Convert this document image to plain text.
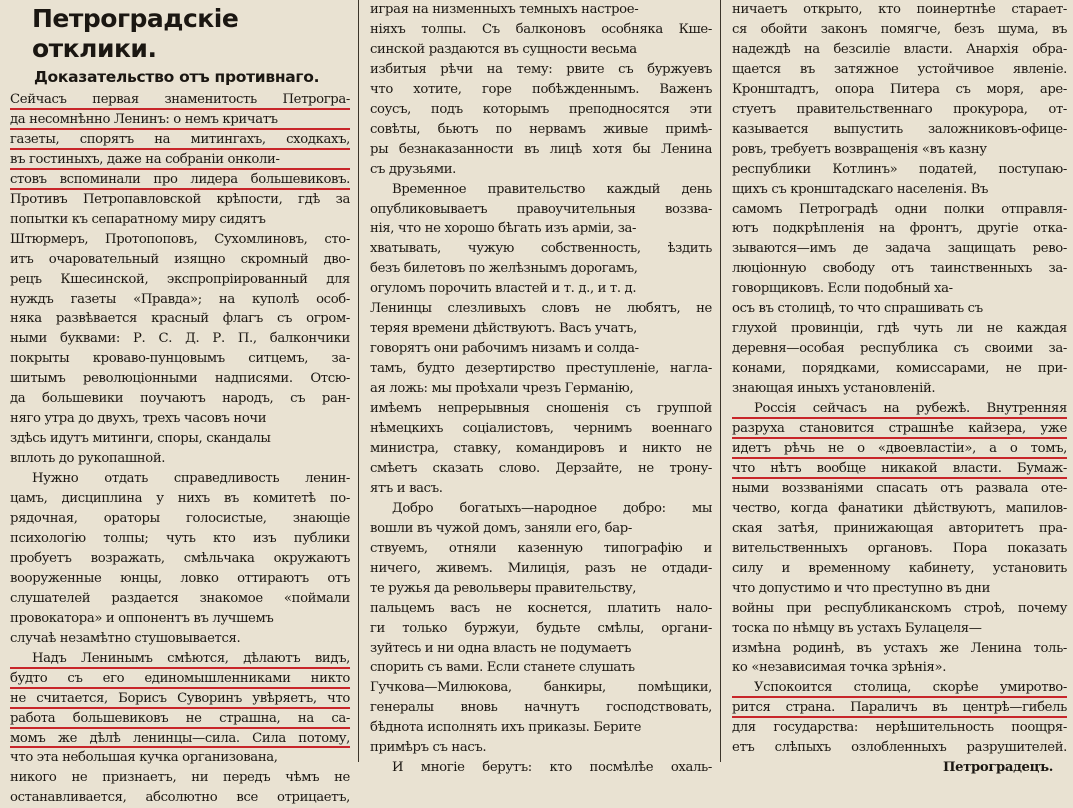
Петроградскіе отклики.
Доказательство отъ противнаго.
Сейчасъ первая знаменитость Петрогра-
да несомнѣнно Ленинъ: о немъ кричатъ
газеты, спорятъ на митингахъ, сходкахъ,
въ гостиныхъ, даже на собраніи онколи-
стовъ вспоминали про лидера большевиковъ.
Противъ Петропавловской крѣпости, гдѣ за
попытки къ сепаратному миру сидятъ
Штюрмеръ, Протопоповъ, Сухомлиновъ, сто-
итъ очаровательный изящно скромный дво-
рецъ Кшесинской, экспропріированный для
нуждъ газеты «Правда»; на куполѣ особ-
няка развѣвается красный флагъ съ огром-
ными буквами: Р. С. Д. Р. П., балкончики
покрыты кроваво-пунцовымъ ситцемъ, за-
шитымъ революціонными надписями. Отсю-
да большевики поучаютъ народъ, съ ран-
няго утра до двухъ, трехъ часовъ ночи
здѣсь идутъ митинги, споры, скандалы
вплоть до рукопашной.
Нужно отдать справедливость ленин-
цамъ, дисциплина у нихъ въ комитетѣ по-
рядочная, ораторы голосистые, знающіе
психологію толпы; чуть кто изъ публики
пробуетъ возражать, смѣльчака окружаютъ
вооруженные юнцы, ловко оттираютъ отъ
слушателей раздается знакомое «поймали
провокатора» и оппонентъ въ лучшемъ
случаѣ незамѣтно стушовывается.
Надъ Ленинымъ смѣются, дѣлаютъ видъ,
будто съ его единомышленниками никто
не считается, Борисъ Суворинъ увѣряетъ, что
работа большевиковъ не страшна, на са-
момъ же дѣлѣ ленинцы—сила. Сила потому,
что эта небольшая кучка организована,
никого не признаетъ, ни передъ чѣмъ не
останавливается, абсолютно все отрицаетъ,
играя на низменныхъ темныхъ настрое-
ніяхъ толпы. Съ балконовъ особняка Кше-
синской раздаются въ сущности весьма
избитыя рѣчи на тему: рвите съ буржуевъ
что хотите, горе побѣжденнымъ. Важенъ
соусъ, подъ которымъ преподносятся эти
совѣты, бьютъ по нервамъ живые примѣ-
ры безнаказанности въ лицѣ хотя бы Ленина
съ друзьями.
Временное правительство каждый день
опубликовываетъ правоучительныя воззва-
нія, что не хорошо бѣгать изъ арміи, за-
хватывать, чужую собственность, ѣздить
безъ билетовъ по желѣзнымъ дорогамъ,
огуломъ порочить властей и т. д., и т. д.
Ленинцы слезливыхъ словъ не любятъ, не
теряя времени дѣйствуютъ. Васъ учатъ,
говорятъ они рабочимъ низамъ и солда-
тамъ, будто дезертирство преступленіе, нагла-
ая ложь: мы проѣхали чрезъ Германію,
имѣемъ непрерывныя сношенія съ группой
нѣмецкихъ соціалистовъ, чернимъ военнаго
министра, ставку, командировъ и никто не
смѣетъ сказать слово. Дерзайте, не трону-
ятъ и васъ.
Добро богатыхъ—народное добро: мы
вошли въ чужой домъ, заняли его, бар-
ствуемъ, отняли казенную типографію и
ничего, живемъ. Милиція, разъ не отдади-
те ружья да револьверы правительству,
пальцемъ васъ не коснется, платить нало-
ги только буржуи, будьте смѣлы, органи-
зуйтесь и ни одна власть не подумаетъ
спорить съ вами. Если станете слушать
Гучкова—Милюкова, банкиры, помѣщики,
генералы вновь начнутъ господствовать,
бѣднота исполнять ихъ приказы. Берите
примѣръ съ насъ.
И многіе берутъ: кто посмѣлѣе охаль-
ничаетъ открыто, кто поинертнѣе старает-
ся обойти законъ помягче, безъ шума, въ
надеждѣ на безсиліе власти. Анархія обра-
щается въ затяжное устойчивое явленіе.
Кронштадтъ, опора Питера съ моря, аре-
стуетъ правительственнаго прокурора, от-
казывается выпустить заложниковъ-офице-
ровъ, требуетъ возвращенія «въ казну
республики Котлинъ» податей, поступаю-
щихъ съ кронштадскаго населенія. Въ
самомъ Петроградѣ одни полки отправля-
ютъ подкрѣпленія на фронтъ, другіе отка-
зываются—имъ де задача защищать рево-
люціонную свободу отъ таинственныхъ за-
говорщиковъ. Если подобный ха-
осъ въ столицѣ, то что спрашивать съ
глухой провинціи, гдѣ чуть ли не каждая
деревня—особая республика съ своими за-
конами, порядками, комиссарами, не при-
знающая иныхъ установленій.
Россія сейчасъ на рубежѣ. Внутренняя
разруха становится страшнѣе кайзера, уже
идетъ рѣчь не о «двоевластіи», а о томъ,
что нѣтъ вообще никакой власти. Бумаж-
ными воззваніями спасать отъ развала оте-
чество, когда фанатики дѣйствуютъ, мапилов-
ская затѣя, принижающая авторитетъ пра-
вительственныхъ органовъ. Пора показать
силу и временному кабинету, установить
что допустимо и что преступно въ дни
войны при республиканскомъ строѣ, почему
тоска по нѣмцу въ устахъ Булацеля—
измѣна родинѣ, въ устахъ же Ленина толь-
ко «независимая точка зрѣнія».
Успокоится столица, скорѣе умиротво-
рится страна. Параличъ въ центрѣ—гибель
для государства: нерѣшительность поощря-
етъ слѣпыхъ озлобленныхъ разрушителей.
Петроградецъ.
